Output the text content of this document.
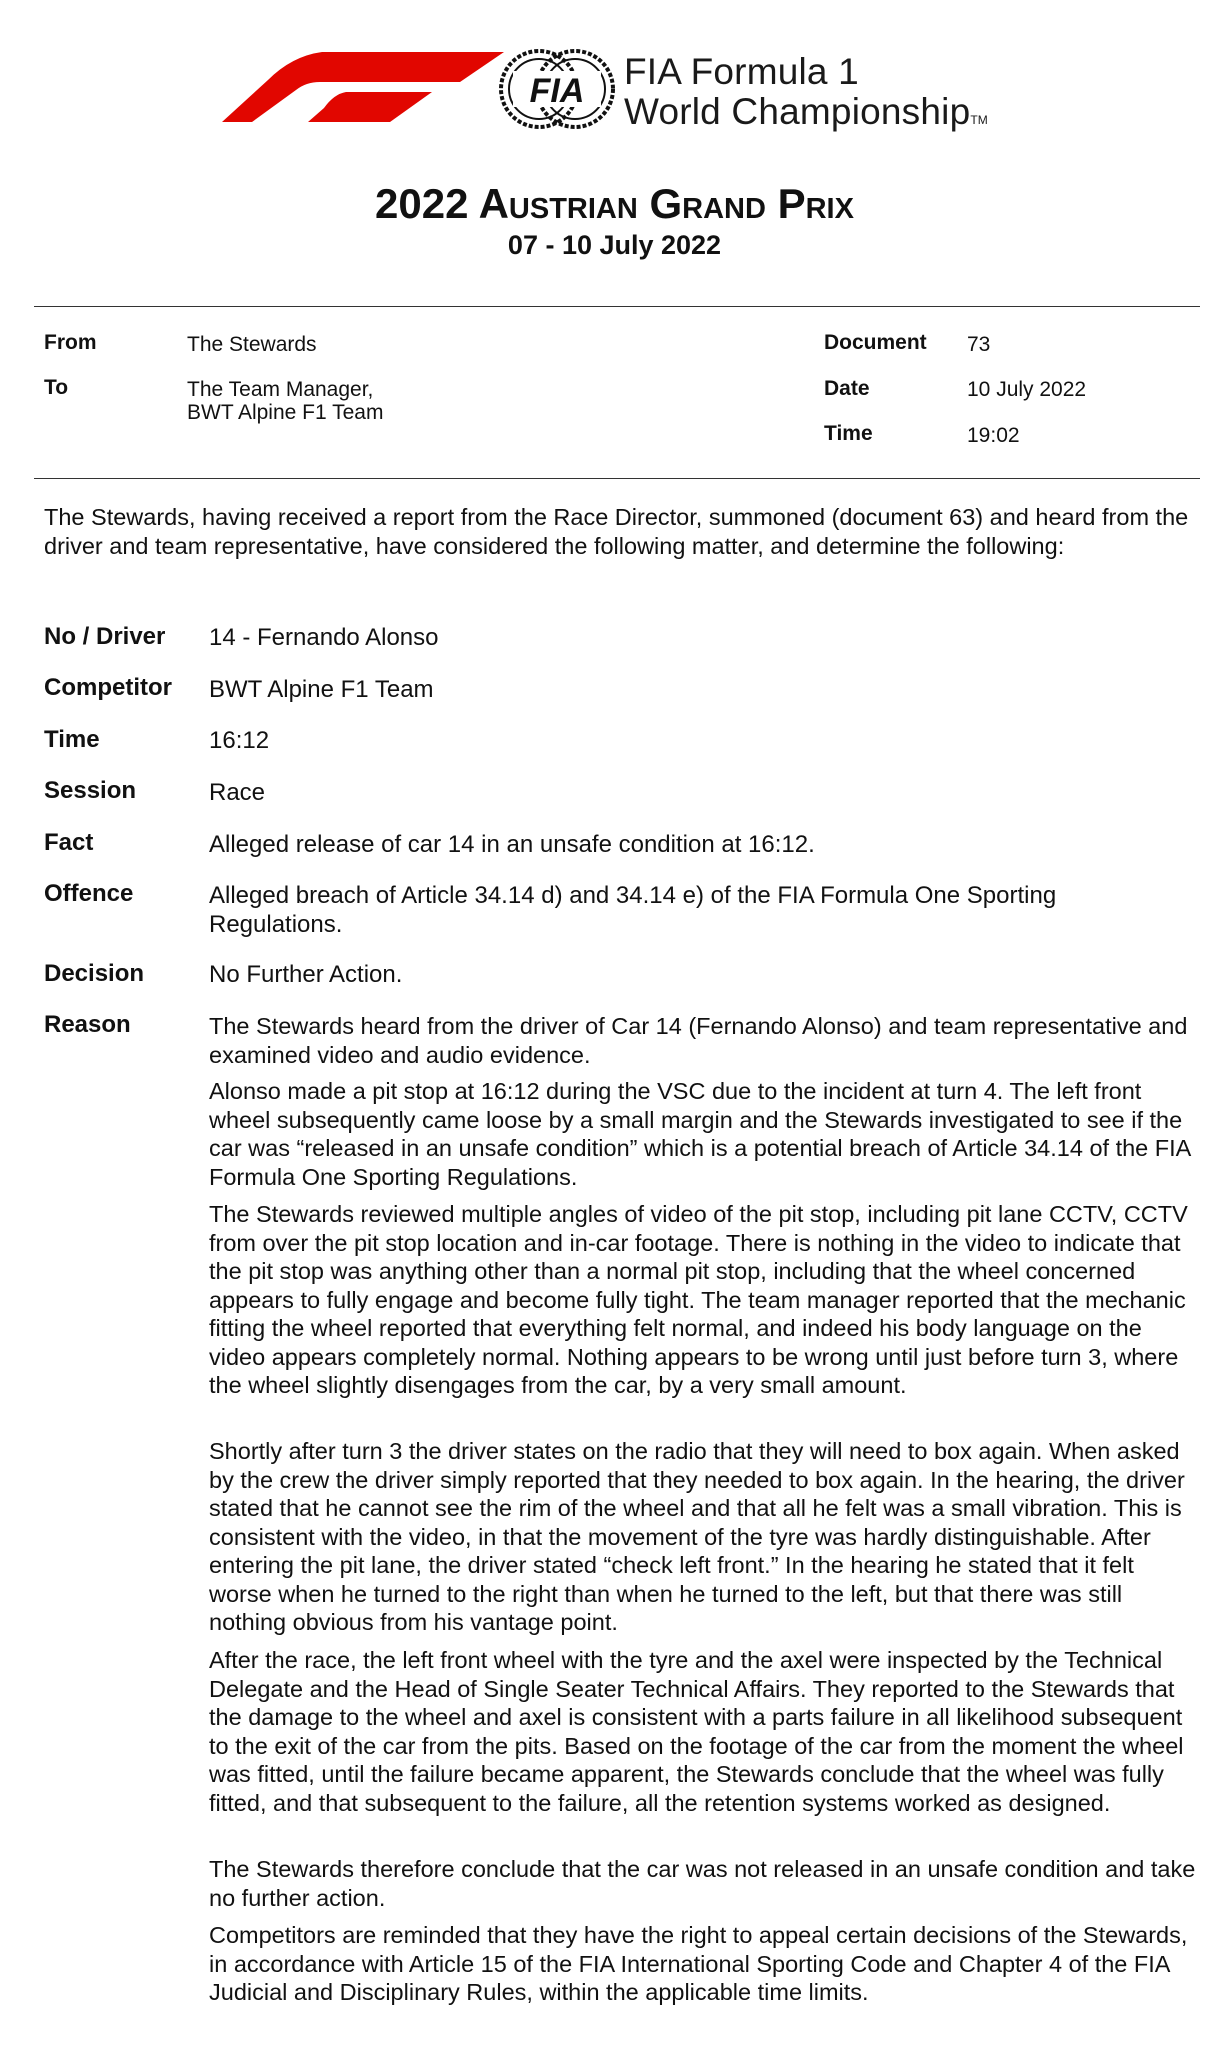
FIA FIA Formula 1
World ChampionshipTM
2022 Austrian Grand Prix
07 - 10 July 2022
From	The Stewards
To	The Team Manager,
BWT Alpine F1 Team
Document 73
Date	10 July 2022
Time	19:02
The Stewards, having received a report from the Race Director, summoned (document 63) and heard from the driver and team representative, have considered the following matter, and determine the following:
No / Driver 14 - Fernando Alonso
Competitor BWT Alpine F1 Team
Time	16:12
Session	Race
Fact	Alleged release of car 14 in an unsafe condition at 16:12.
Offence	Alleged breach of Article 34.14 d) and 34.14 e) of the FIA Formula One Sporting Regulations.
Decision	No Further Action.
Reason	The Stewards heard from the driver of Car 14 (Fernando Alonso) and team representative and examined video and audio evidence.
Alonso made a pit stop at 16:12 during the VSC due to the incident at turn 4. The left front wheel subsequently came loose by a small margin and the Stewards investigated to see if the car was “released in an unsafe condition” which is a potential breach of Article 34.14 of the FIA Formula One Sporting Regulations.
The Stewards reviewed multiple angles of video of the pit stop, including pit lane CCTV, CCTV from over the pit stop location and in-car footage. There is nothing in the video to indicate that the pit stop was anything other than a normal pit stop, including that the wheel concerned appears to fully engage and become fully tight. The team manager reported that the mechanic fitting the wheel reported that everything felt normal, and indeed his body language on the video appears completely normal. Nothing appears to be wrong until just before turn 3, where the wheel slightly disengages from the car, by a very small amount.
Shortly after turn 3 the driver states on the radio that they will need to box again. When asked by the crew the driver simply reported that they needed to box again. In the hearing, the driver stated that he cannot see the rim of the wheel and that all he felt was a small vibration. This is consistent with the video, in that the movement of the tyre was hardly distinguishable. After entering the pit lane, the driver stated “check left front.” In the hearing he stated that it felt worse when he turned to the right than when he turned to the left, but that there was still nothing obvious from his vantage point.
After the race, the left front wheel with the tyre and the axel were inspected by the Technical Delegate and the Head of Single Seater Technical Affairs. They reported to the Stewards that the damage to the wheel and axel is consistent with a parts failure in all likelihood subsequent to the exit of the car from the pits. Based on the footage of the car from the moment the wheel was fitted, until the failure became apparent, the Stewards conclude that the wheel was fully fitted, and that subsequent to the failure, all the retention systems worked as designed.
The Stewards therefore conclude that the car was not released in an unsafe condition and take no further action.
Competitors are reminded that they have the right to appeal certain decisions of the Stewards, in accordance with Article 15 of the FIA International Sporting Code and Chapter 4 of the FIA Judicial and Disciplinary Rules, within the applicable time limits.
